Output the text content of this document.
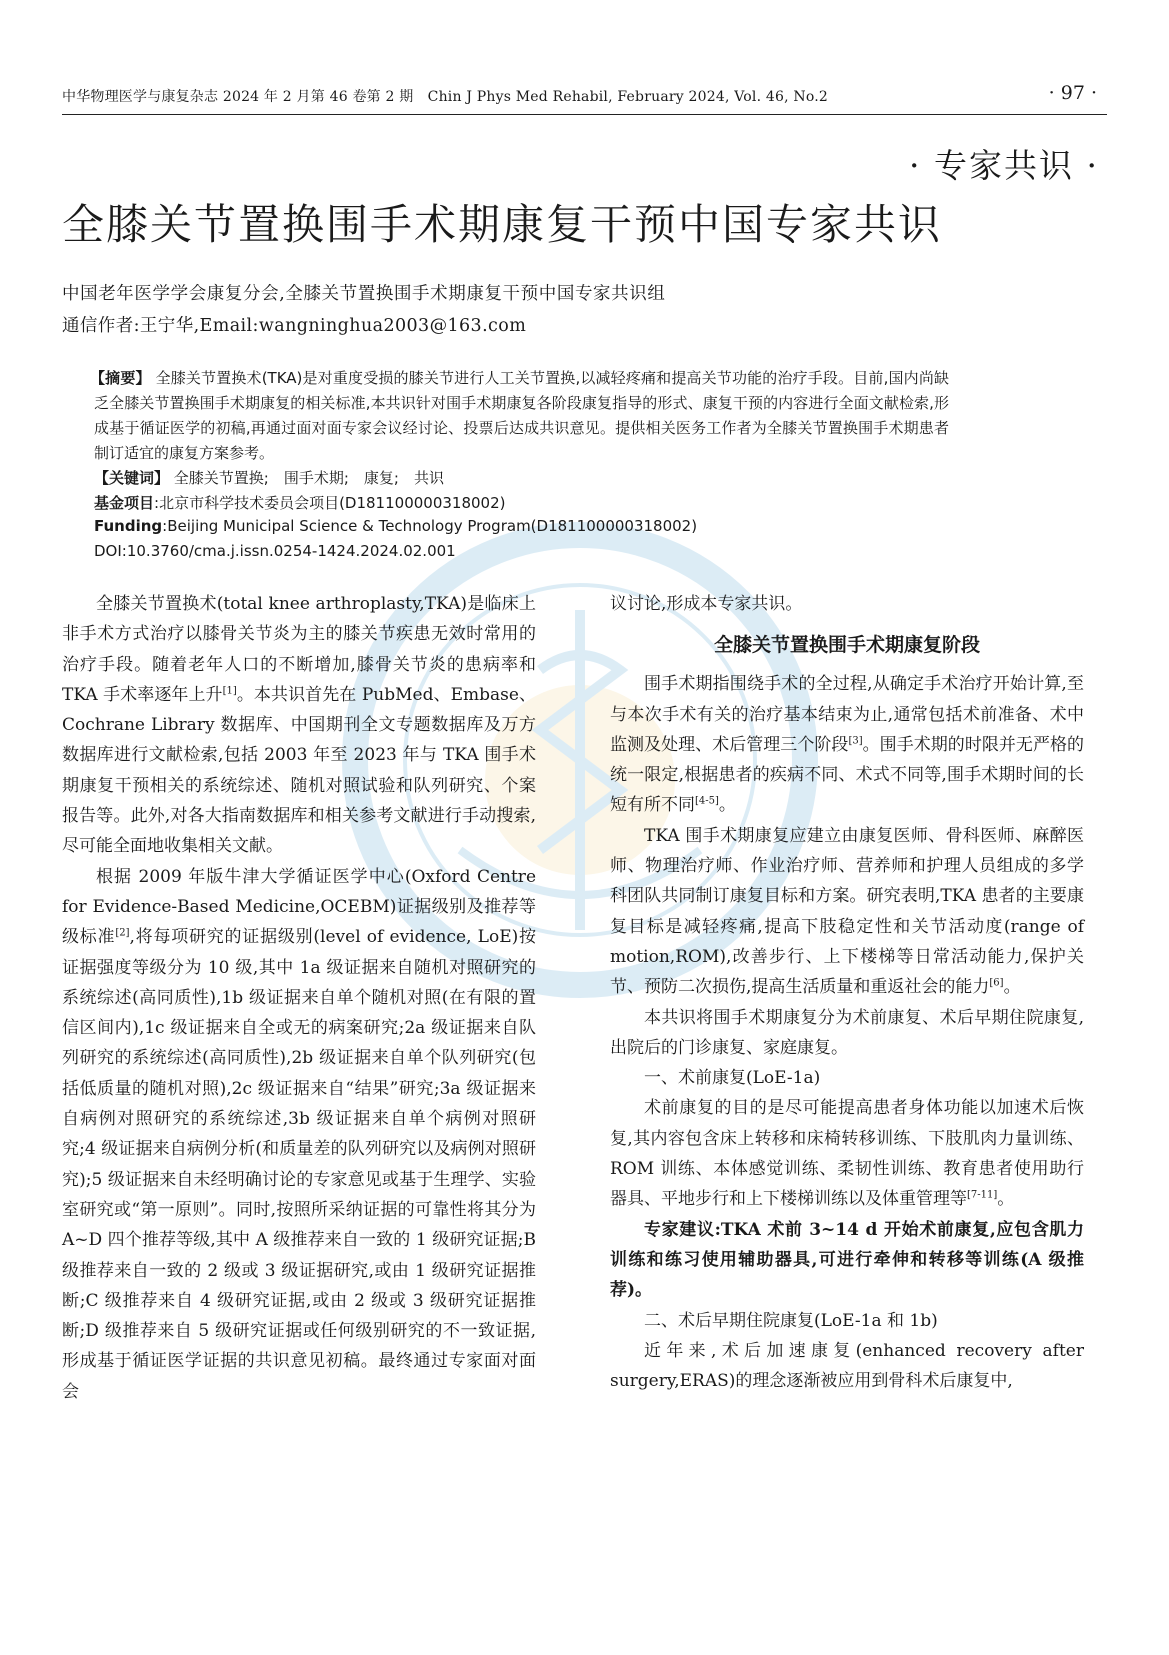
中华物理医学与康复杂志 2024 年 2 月第 46 卷第 2 期　Chin J Phys Med Rehabil, February 2024, Vol. 46, No.2	· 97 ·
· 专家共识 ·
全膝关节置换围手术期康复干预中国专家共识
中国老年医学学会康复分会,全膝关节置换围手术期康复干预中国专家共识组
通信作者:王宁华,Email:wangninghua2003@163.com
【摘要】 全膝关节置换术(TKA)是对重度受损的膝关节进行人工关节置换,以减轻疼痛和提高关节功能的治疗手段。目前,国内尚缺乏全膝关节置换围手术期康复的相关标准,本共识针对围手术期康复各阶段康复指导的形式、康复干预的内容进行全面文献检索,形成基于循证医学的初稿,再通过面对面专家会议经讨论、投票后达成共识意见。提供相关医务工作者为全膝关节置换围手术期患者制订适宜的康复方案参考。
【关键词】 全膝关节置换;　围手术期;　康复;　共识
基金项目:北京市科学技术委员会项目(D181100000318002)
Funding:Beijing Municipal Science & Technology Program(D181100000318002)
DOI:10.3760/cma.j.issn.0254-1424.2024.02.001

全膝关节置换术(total knee arthroplasty,TKA)是临床上非手术方式治疗以膝骨关节炎为主的膝关节疾患无效时常用的治疗手段。随着老年人口的不断增加,膝骨关节炎的患病率和 TKA 手术率逐年上升[1]。本共识首先在 PubMed、Embase、Cochrane Library 数据库、中国期刊全文专题数据库及万方数据库进行文献检索,包括 2003 年至 2023 年与 TKA 围手术期康复干预相关的系统综述、随机对照试验和队列研究、个案报告等。此外,对各大指南数据库和相关参考文献进行手动搜索,尽可能全面地收集相关文献。

根据 2009 年版牛津大学循证医学中心(Oxford Centre for Evidence-Based Medicine,OCEBM)证据级别及推荐等级标准[2],将每项研究的证据级别(level of evidence, LoE)按证据强度等级分为 10 级,其中 1a 级证据来自随机对照研究的系统综述(高同质性),1b 级证据来自单个随机对照(在有限的置信区间内),1c 级证据来自全或无的病案研究;2a 级证据来自队列研究的系统综述(高同质性),2b 级证据来自单个队列研究(包括低质量的随机对照),2c 级证据来自“结果”研究;3a 级证据来自病例对照研究的系统综述,3b 级证据来自单个病例对照研究;4 级证据来自病例分析(和质量差的队列研究以及病例对照研究);5 级证据来自未经明确讨论的专家意见或基于生理学、实验室研究或“第一原则”。同时,按照所采纳证据的可靠性将其分为 A~D 四个推荐等级,其中 A 级推荐来自一致的 1 级研究证据;B 级推荐来自一致的 2 级或 3 级证据研究,或由 1 级研究证据推断;C 级推荐来自 4 级研究证据,或由 2 级或 3 级研究证据推断;D 级推荐来自 5 级研究证据或任何级别研究的不一致证据,形成基于循证医学证据的共识意见初稿。最终通过专家面对面会

议讨论,形成本专家共识。

全膝关节置换围手术期康复阶段

围手术期指围绕手术的全过程,从确定手术治疗开始计算,至与本次手术有关的治疗基本结束为止,通常包括术前准备、术中监测及处理、术后管理三个阶段[3]。围手术期的时限并无严格的统一限定,根据患者的疾病不同、术式不同等,围手术期时间的长短有所不同[4-5]。

TKA 围手术期康复应建立由康复医师、骨科医师、麻醉医师、物理治疗师、作业治疗师、营养师和护理人员组成的多学科团队共同制订康复目标和方案。研究表明,TKA 患者的主要康复目标是减轻疼痛,提高下肢稳定性和关节活动度(range of motion,ROM),改善步行、上下楼梯等日常活动能力,保护关节、预防二次损伤,提高生活质量和重返社会的能力[6]。

本共识将围手术期康复分为术前康复、术后早期住院康复,出院后的门诊康复、家庭康复。

一、术前康复(LoE-1a)

术前康复的目的是尽可能提高患者身体功能以加速术后恢复,其内容包含床上转移和床椅转移训练、下肢肌肉力量训练、ROM 训练、本体感觉训练、柔韧性训练、教育患者使用助行器具、平地步行和上下楼梯训练以及体重管理等[7-11]。

专家建议:TKA 术前 3~14 d 开始术前康复,应包含肌力训练和练习使用辅助器具,可进行牵伸和转移等训练(A 级推荐)。

二、术后早期住院康复(LoE-1a 和 1b)

近年来,术后加速康复(enhanced recovery after surgery,ERAS)的理念逐渐被应用到骨科术后康复中,
